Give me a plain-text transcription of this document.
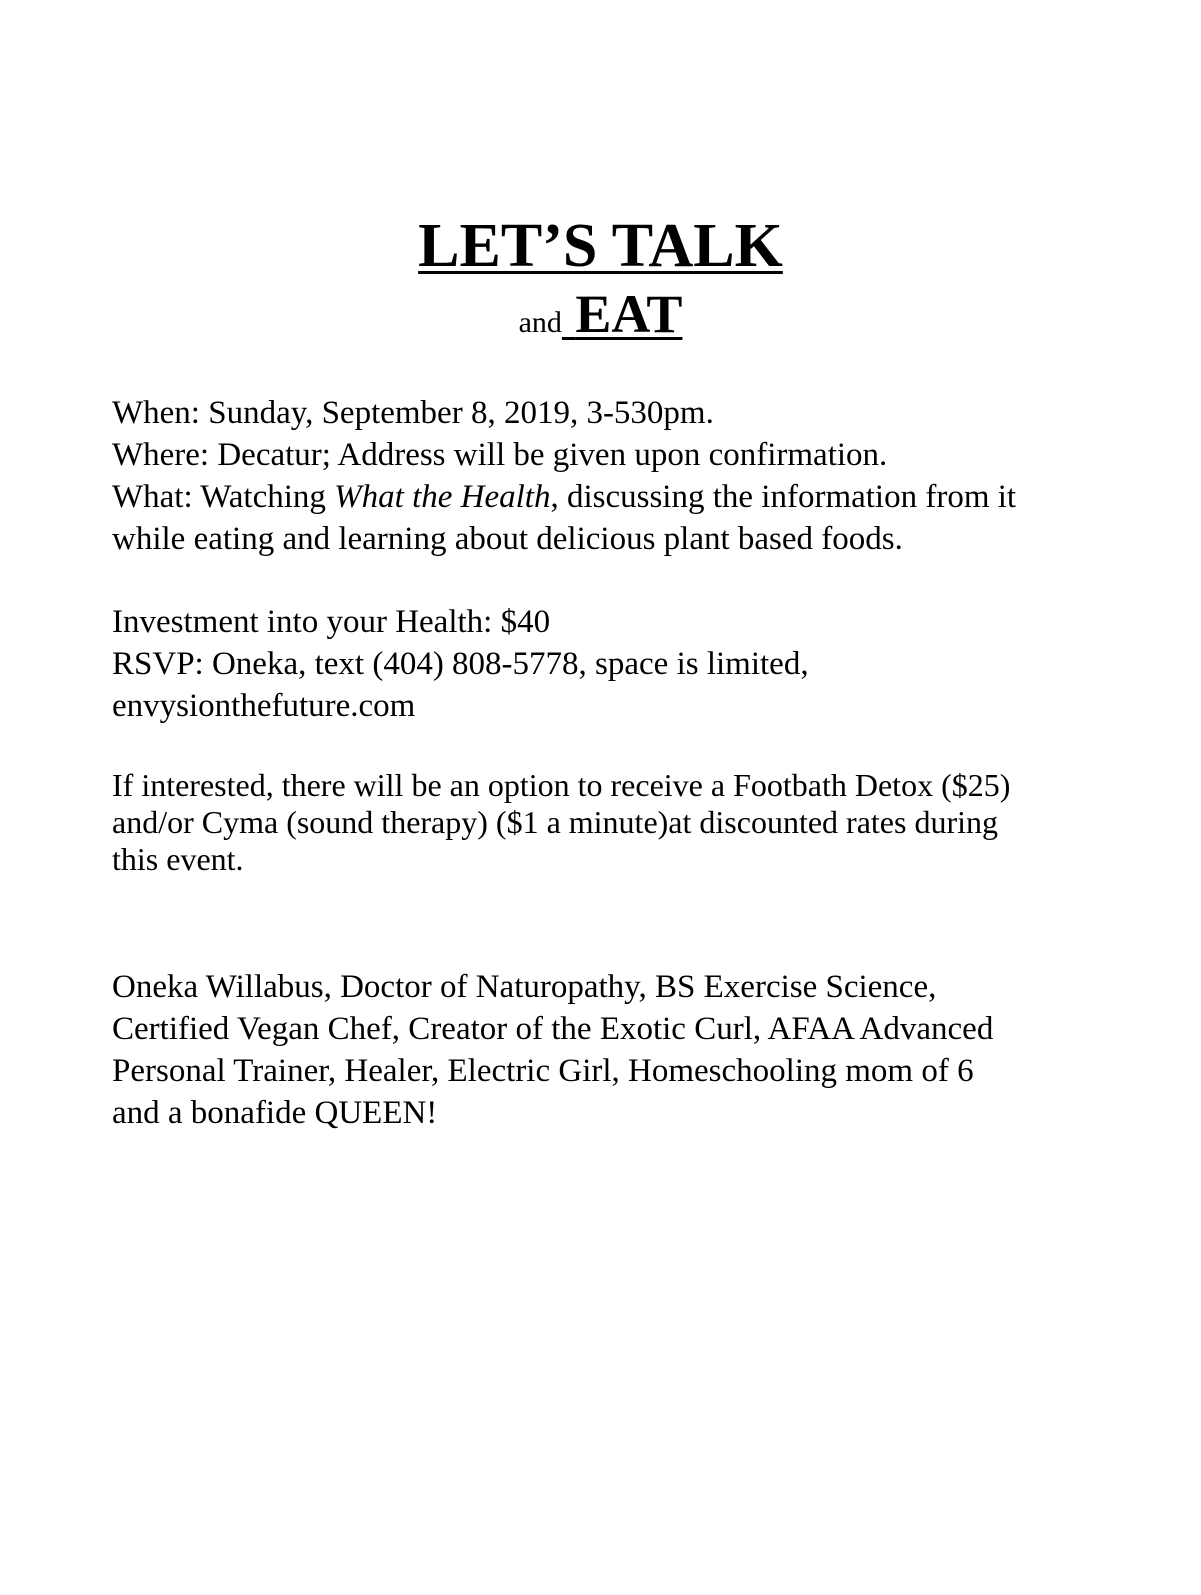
LET’S TALK

and EAT

When: Sunday, September 8, 2019, 3-530pm.
Where: Decatur; Address will be given upon confirmation.
What: Watching What the Health, discussing the information from it
while eating and learning about delicious plant based foods.
Investment into your Health: $40
RSVP: Oneka, text (404) 808-5778, space is limited,
envysionthefuture.com
If interested, there will be an option to receive a Footbath Detox ($25)
and/or Cyma (sound therapy) ($1 a minute)at discounted rates during
this event.
Oneka Willabus, Doctor of Naturopathy, BS Exercise Science,
Certified Vegan Chef, Creator of the Exotic Curl, AFAA Advanced
Personal Trainer, Healer, Electric Girl, Homeschooling mom of 6
and a bonafide QUEEN!
